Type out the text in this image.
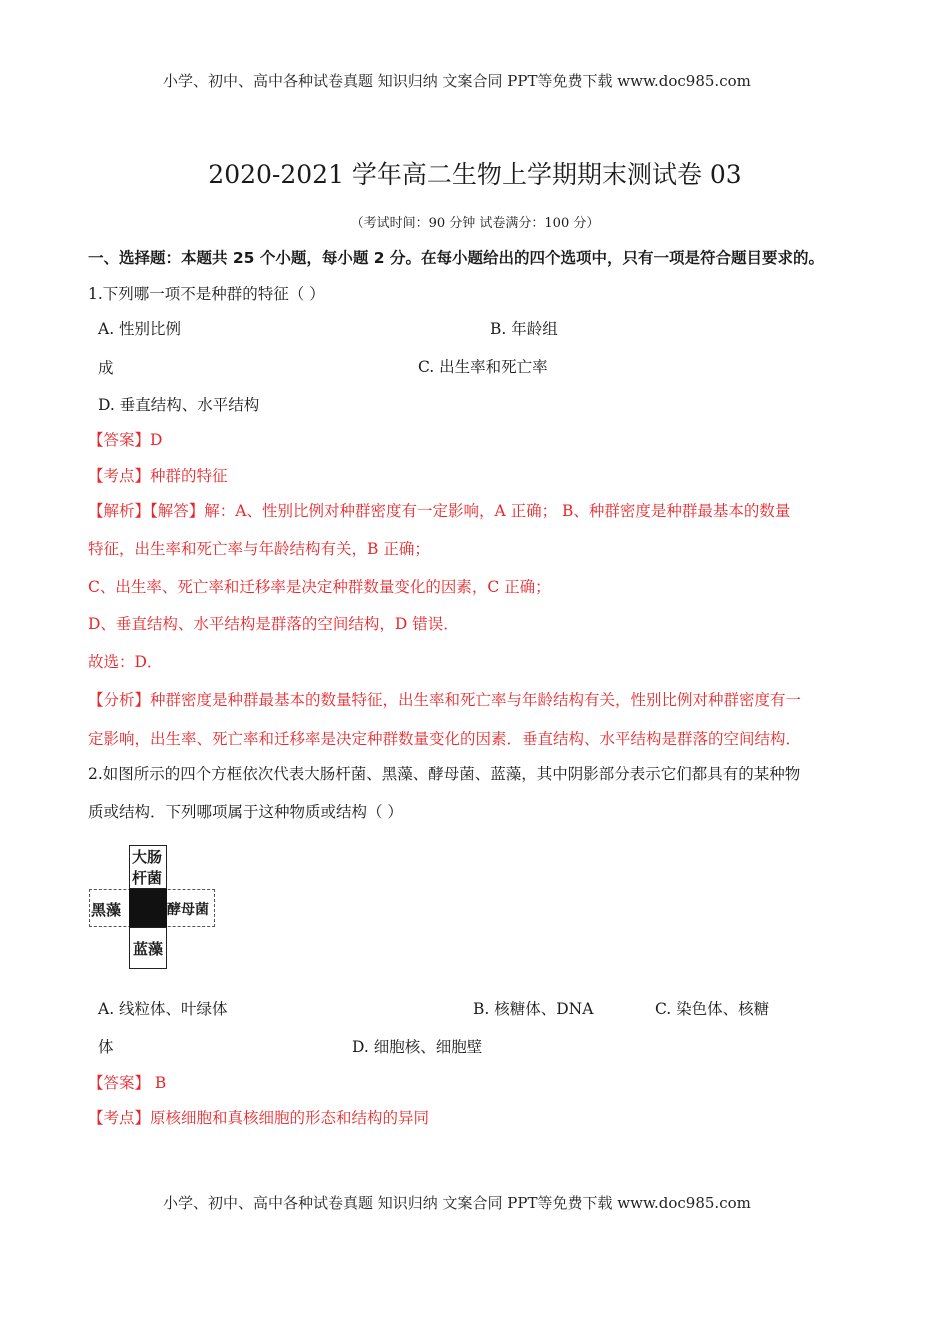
小学、初中、高中各种试卷真题 知识归纳 文案合同 PPT等免费下载 www.doc985.com
2020-2021 学年高二生物上学期期末测试卷 03
（考试时间：90 分钟 试卷满分：100 分）
一、选择题：本题共 25 个小题，每小题 2 分。在每小题给出的四个选项中，只有一项是符合题目要求的。
1.下列哪一项不是种群的特征（ ）
A. 性别比例	B. 年龄组
成	C. 出生率和死亡率
D. 垂直结构、水平结构
【答案】D
【考点】种群的特征
【解析】【解答】解：A、性别比例对种群密度有一定影响，A 正确； B、种群密度是种群最基本的数量
特征，出生率和死亡率与年龄结构有关，B 正确；
C、出生率、死亡率和迁移率是决定种群数量变化的因素，C 正确；
D、垂直结构、水平结构是群落的空间结构，D 错误．
故选：D．
【分析】种群密度是种群最基本的数量特征，出生率和死亡率与年龄结构有关，性别比例对种群密度有一
定影响，出生率、死亡率和迁移率是决定种群数量变化的因素．垂直结构、水平结构是群落的空间结构．
2.如图所示的四个方框依次代表大肠杆菌、黑藻、酵母菌、蓝藻，其中阴影部分表示它们都具有的某种物
质或结构．下列哪项属于这种物质或结构（ ）
大肠杆菌
黑藻	酵母菌
蓝藻
A. 线粒体、叶绿体	B. 核糖体、DNA	C. 染色体、核糖
体	D. 细胞核、细胞壁
【答案】 B
【考点】原核细胞和真核细胞的形态和结构的异同
小学、初中、高中各种试卷真题 知识归纳 文案合同 PPT等免费下载 www.doc985.com
